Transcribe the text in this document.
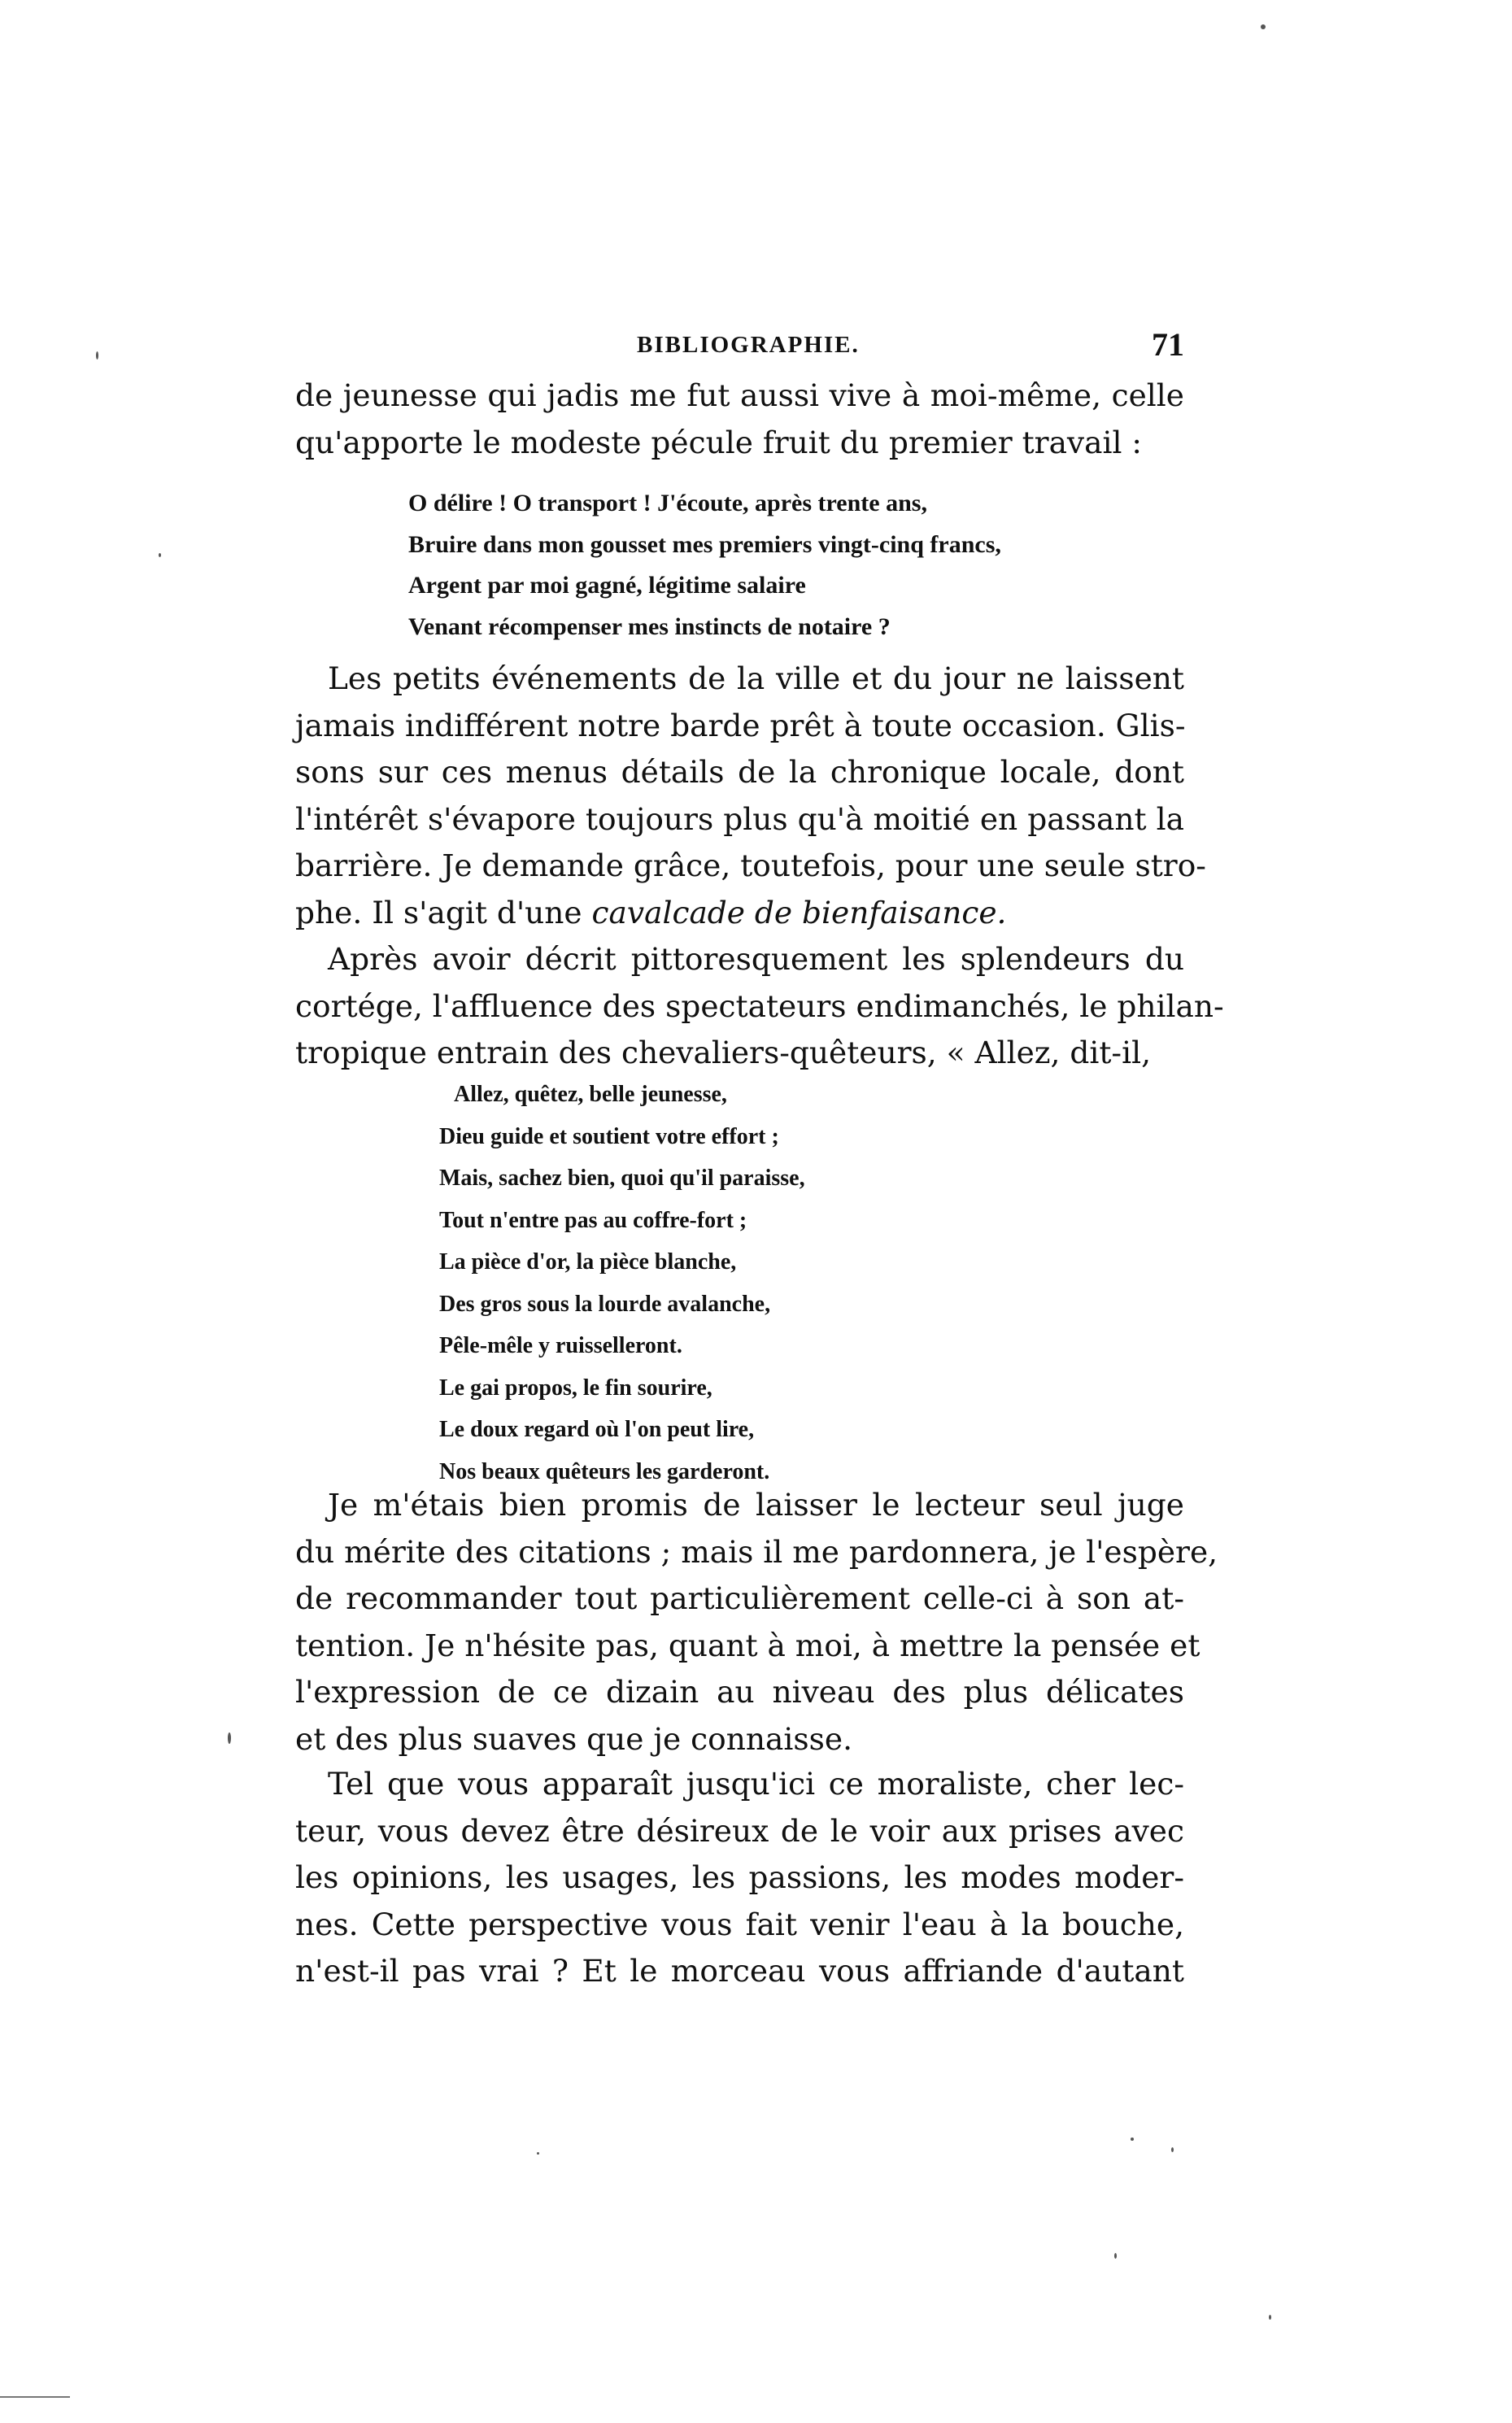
BIBLIOGRAPHIE.	71
de jeunesse qui jadis me fut aussi vive à moi-même, celle
qu'apporte le modeste pécule fruit du premier travail :
O délire ! O transport ! J'écoute, après trente ans,
Bruire dans mon gousset mes premiers vingt-cinq francs,
Argent par moi gagné, légitime salaire
Venant récompenser mes instincts de notaire ?
Les petits événements de la ville et du jour ne laissent
jamais indifférent notre barde prêt à toute occasion. Glis-
sons sur ces menus détails de la chronique locale, dont
l'intérêt s'évapore toujours plus qu'à moitié en passant la
barrière. Je demande grâce, toutefois, pour une seule stro-
phe. Il s'agit d'une cavalcade de bienfaisance.
Après avoir décrit pittoresquement les splendeurs du
cortége, l'affluence des spectateurs endimanchés, le philan-
tropique entrain des chevaliers-quêteurs, « Allez, dit-il,
Allez, quêtez, belle jeunesse,
Dieu guide et soutient votre effort ;
Mais, sachez bien, quoi qu'il paraisse,
Tout n'entre pas au coffre-fort ;
La pièce d'or, la pièce blanche,
Des gros sous la lourde avalanche,
Pêle-mêle y ruisselleront.
Le gai propos, le fin sourire,
Le doux regard où l'on peut lire,
Nos beaux quêteurs les garderont.
Je m'étais bien promis de laisser le lecteur seul juge
du mérite des citations ; mais il me pardonnera, je l'espère,
de recommander tout particulièrement celle-ci à son at-
tention. Je n'hésite pas, quant à moi, à mettre la pensée et
l'expression de ce dizain au niveau des plus délicates
et des plus suaves que je connaisse.
Tel que vous apparaît jusqu'ici ce moraliste, cher lec-
teur, vous devez être désireux de le voir aux prises avec
les opinions, les usages, les passions, les modes moder-
nes. Cette perspective vous fait venir l'eau à la bouche,
n'est-il pas vrai ? Et le morceau vous affriande d'autant
